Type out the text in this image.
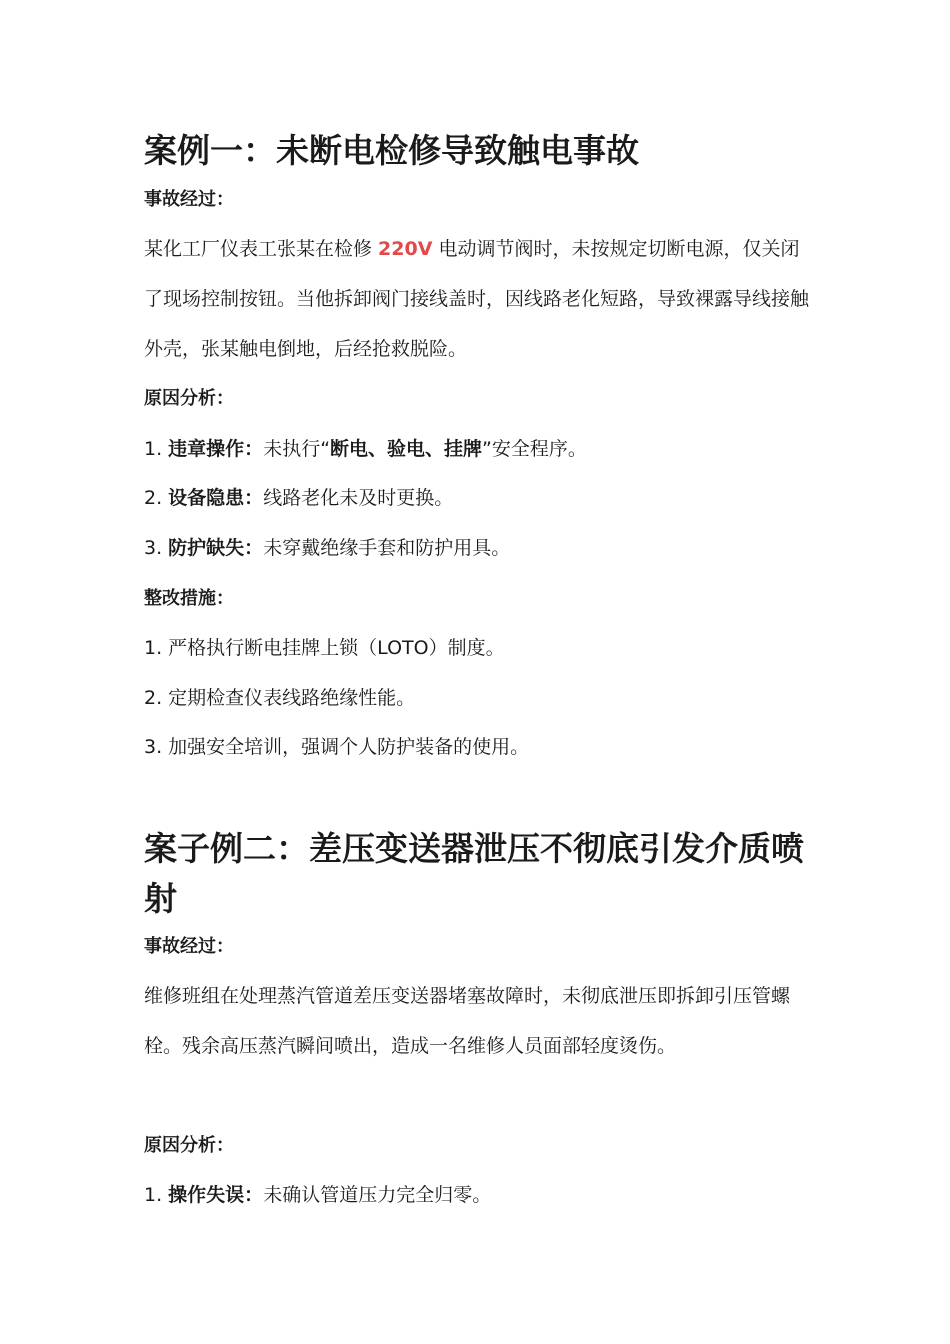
案例一：未断电检修导致触电事故
事故经过：
某化工厂仪表工张某在检修 220V 电动调节阀时，未按规定切断电源，仅关闭了现场控制按钮。当他拆卸阀门接线盖时，因线路老化短路，导致裸露导线接触外壳，张某触电倒地，后经抢救脱险。
原因分析：
1. 违章操作：未执行“断电、验电、挂牌”安全程序。
2. 设备隐患：线路老化未及时更换。
3. 防护缺失：未穿戴绝缘手套和防护用具。
整改措施：
1. 严格执行断电挂牌上锁（LOTO）制度。
2. 定期检查仪表线路绝缘性能。
3. 加强安全培训，强调个人防护装备的使用。
案子例二：差压变送器泄压不彻底引发介质喷射
事故经过：
维修班组在处理蒸汽管道差压变送器堵塞故障时，未彻底泄压即拆卸引压管螺栓。残余高压蒸汽瞬间喷出，造成一名维修人员面部轻度烫伤。
原因分析：
1. 操作失误：未确认管道压力完全归零。
